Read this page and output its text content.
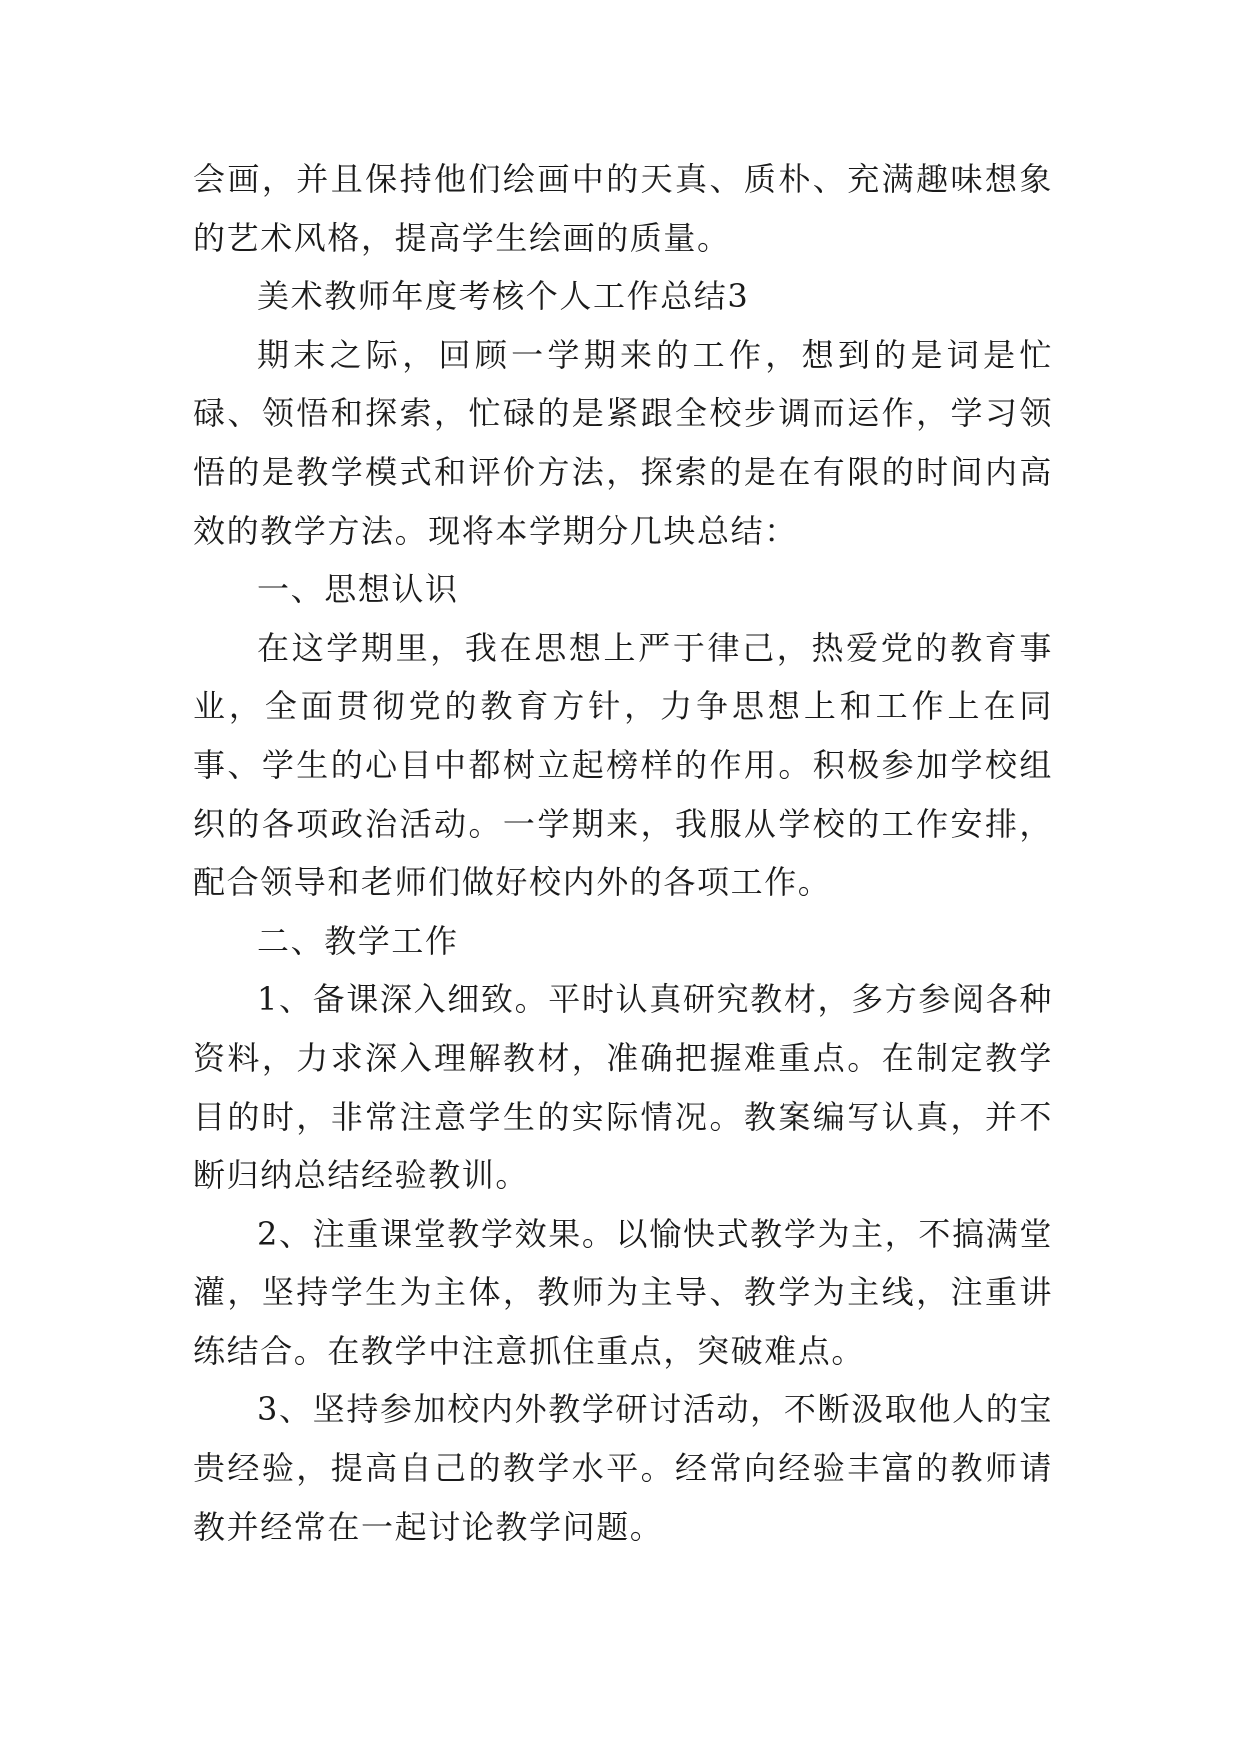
会画，并且保持他们绘画中的天真、质朴、充满趣味想象的艺术风格，提高学生绘画的质量。

美术教师年度考核个人工作总结3

期末之际，回顾一学期来的工作，想到的是词是忙碌、领悟和探索，忙碌的是紧跟全校步调而运作，学习领悟的是教学模式和评价方法，探索的是在有限的时间内高效的教学方法。现将本学期分几块总结：

一、思想认识

在这学期里，我在思想上严于律己，热爱党的教育事业，全面贯彻党的教育方针，力争思想上和工作上在同事、学生的心目中都树立起榜样的作用。积极参加学校组织的各项政治活动。一学期来，我服从学校的工作安排，配合领导和老师们做好校内外的各项工作。

二、教学工作

1、备课深入细致。平时认真研究教材，多方参阅各种资料，力求深入理解教材，准确把握难重点。在制定教学目的时，非常注意学生的实际情况。教案编写认真，并不断归纳总结经验教训。

2、注重课堂教学效果。以愉快式教学为主，不搞满堂灌，坚持学生为主体，教师为主导、教学为主线，注重讲练结合。在教学中注意抓住重点，突破难点。

3、坚持参加校内外教学研讨活动，不断汲取他人的宝贵经验，提高自己的教学水平。经常向经验丰富的教师请教并经常在一起讨论教学问题。
